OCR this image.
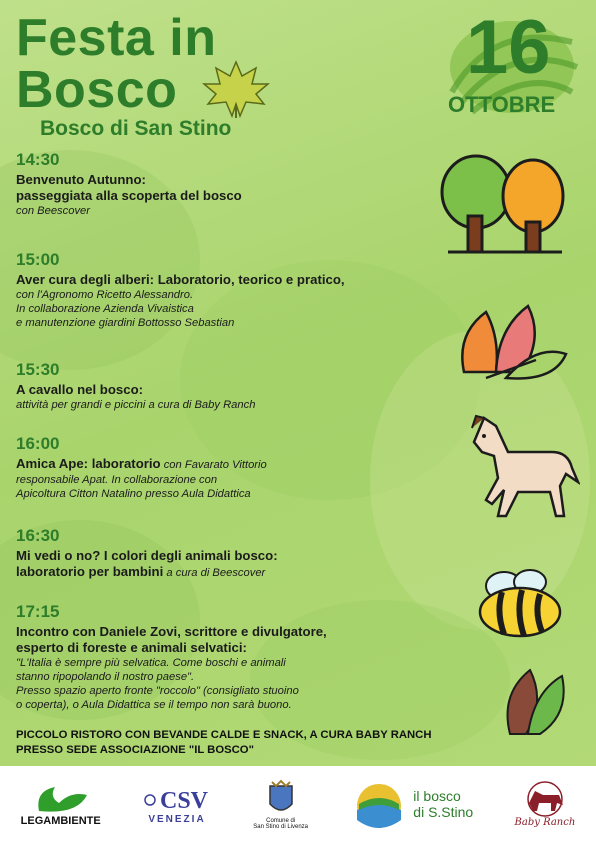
Festa in
Bosco
Bosco di San Stino
16
OTTOBRE
14:30
Benvenuto Autunno:
passeggiata alla scoperta del bosco
con Beescover
15:00
Aver cura degli alberi: Laboratorio, teorico e pratico,
con l'Agronomo Ricetto Alessandro.
In collaborazione Azienda Vivaistica
e manutenzione giardini Bottosso Sebastian
15:30
A cavallo nel bosco:
attività per grandi e piccini a cura di Baby Ranch
16:00
Amica Ape: laboratorio con Favarato Vittorio
responsabile Apat. In collaborazione con
Apicoltura Citton Natalino presso Aula Didattica
16:30
Mi vedi o no? I colori degli animali bosco:
laboratorio per bambini a cura di Beescover
17:15
Incontro con Daniele Zovi, scrittore e divulgatore,
esperto di foreste e animali selvatici:
"L'Italia è sempre più selvatica. Come boschi e animali
stanno ripopolando il nostro paese".
Presso spazio aperto fronte "roccolo" (consigliato stuoino
o coperta), o Aula Didattica se il tempo non sarà buono.
PICCOLO RISTORO CON BEVANDE CALDE E SNACK, A CURA BABY RANCH
PRESSO SEDE ASSOCIAZIONE "IL BOSCO"
LEGAMBIENTE
CSV
VENEZIA	Comune di
San Stino di Livenza
il bosco
di S.Stino
Baby Ranch
